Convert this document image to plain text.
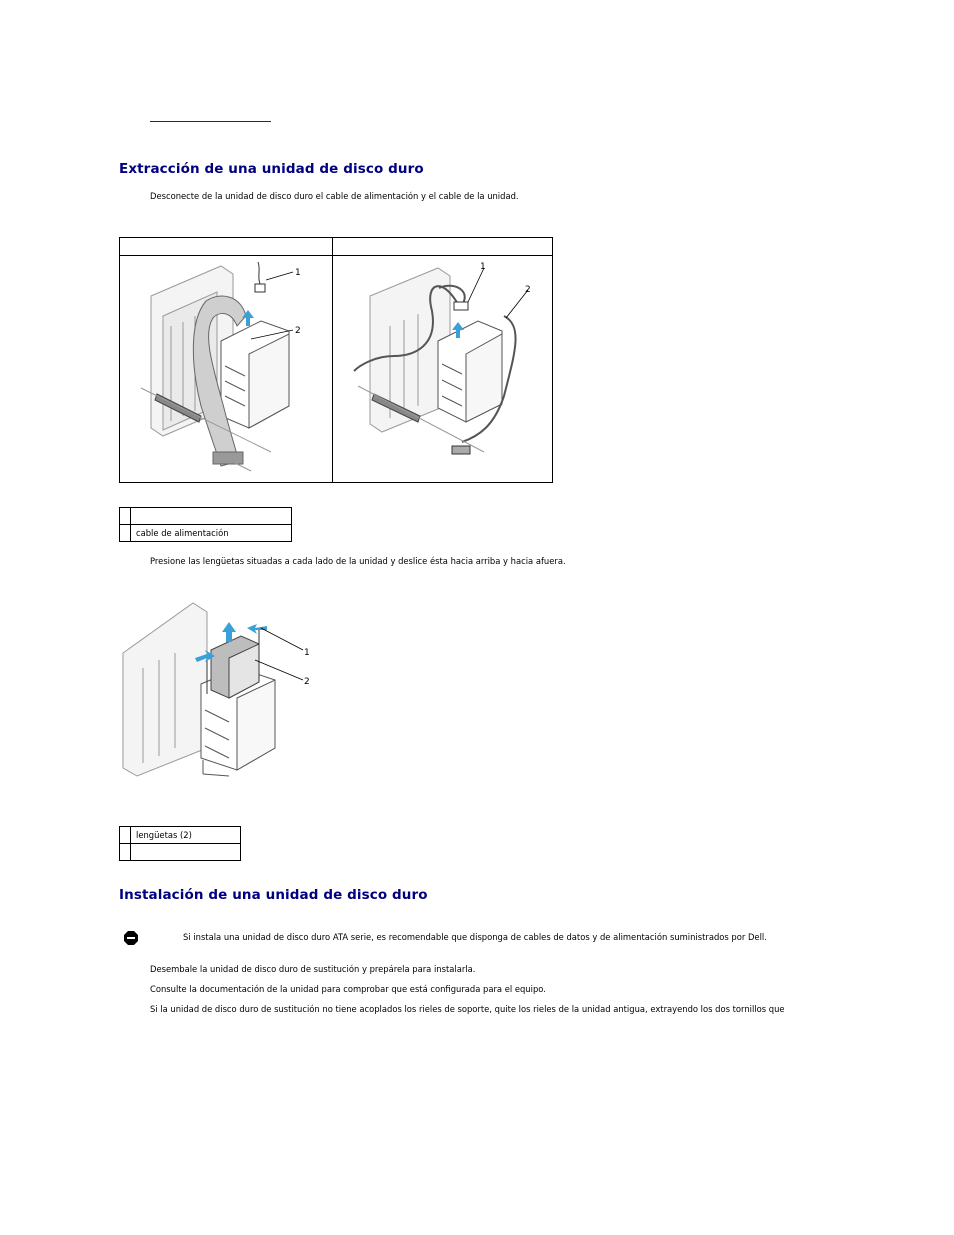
Extracción de una unidad de disco duro

Desconecte de la unidad de disco duro el cable de alimentación y el cable de la unidad.

1
2
1
2

	cable de alimentación

Presione las lengüetas situadas a cada lado de la unidad y deslice ésta hacia arriba y hacia afuera.

1
2
	lengüetas (2)

Instalación de una unidad de disco duro

Si instala una unidad de disco duro ATA serie, es recomendable que disponga de cables de datos y de alimentación suministrados por Dell.

Desembale la unidad de disco duro de sustitución y prepárela para instalarla.

Consulte la documentación de la unidad para comprobar que está configurada para el equipo.

Si la unidad de disco duro de sustitución no tiene acoplados los rieles de soporte, quite los rieles de la unidad antigua, extrayendo los dos tornillos que
